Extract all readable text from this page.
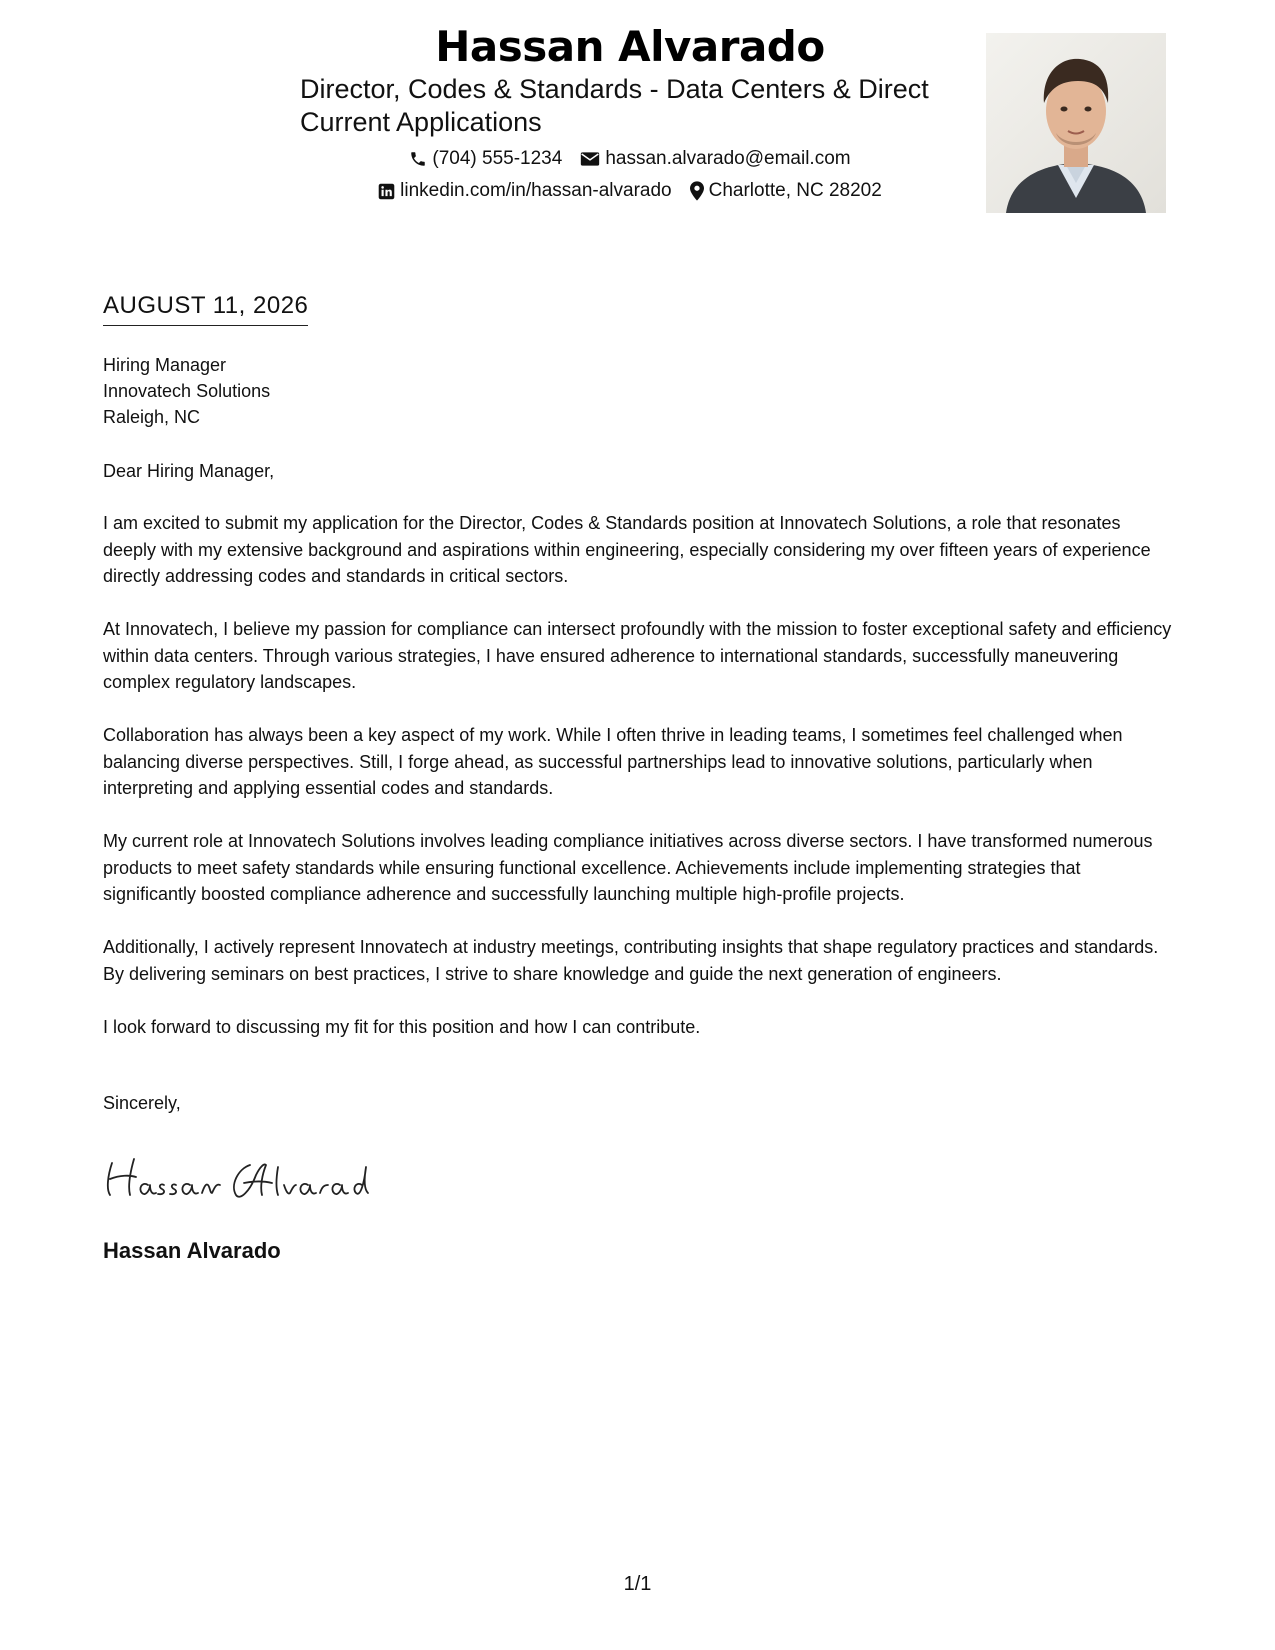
Hassan Alvarado
Director, Codes & Standards - Data Centers & Direct Current Applications
(704) 555-1234 hassan.alvarado@email.com
linkedin.com/in/hassan-alvarado Charlotte, NC 28202
AUGUST 11, 2026
Hiring Manager
Innovatech Solutions
Raleigh, NC
Dear Hiring Manager,

I am excited to submit my application for the Director, Codes & Standards position at Innovatech Solutions, a role that resonates deeply with my extensive background and aspirations within engineering, especially considering my over fifteen years of experience directly addressing codes and standards in critical sectors.

At Innovatech, I believe my passion for compliance can intersect profoundly with the mission to foster exceptional safety and efficiency within data centers. Through various strategies, I have ensured adherence to international standards, successfully maneuvering complex regulatory landscapes.

Collaboration has always been a key aspect of my work. While I often thrive in leading teams, I sometimes feel challenged when balancing diverse perspectives. Still, I forge ahead, as successful partnerships lead to innovative solutions, particularly when interpreting and applying essential codes and standards.

My current role at Innovatech Solutions involves leading compliance initiatives across diverse sectors. I have transformed numerous products to meet safety standards while ensuring functional excellence. Achievements include implementing strategies that significantly boosted compliance adherence and successfully launching multiple high-profile projects.

Additionally, I actively represent Innovatech at industry meetings, contributing insights that shape regulatory practices and standards. By delivering seminars on best practices, I strive to share knowledge and guide the next generation of engineers.

I look forward to discussing my fit for this position and how I can contribute.

Sincerely,
Hassan Alvarado
1/1
